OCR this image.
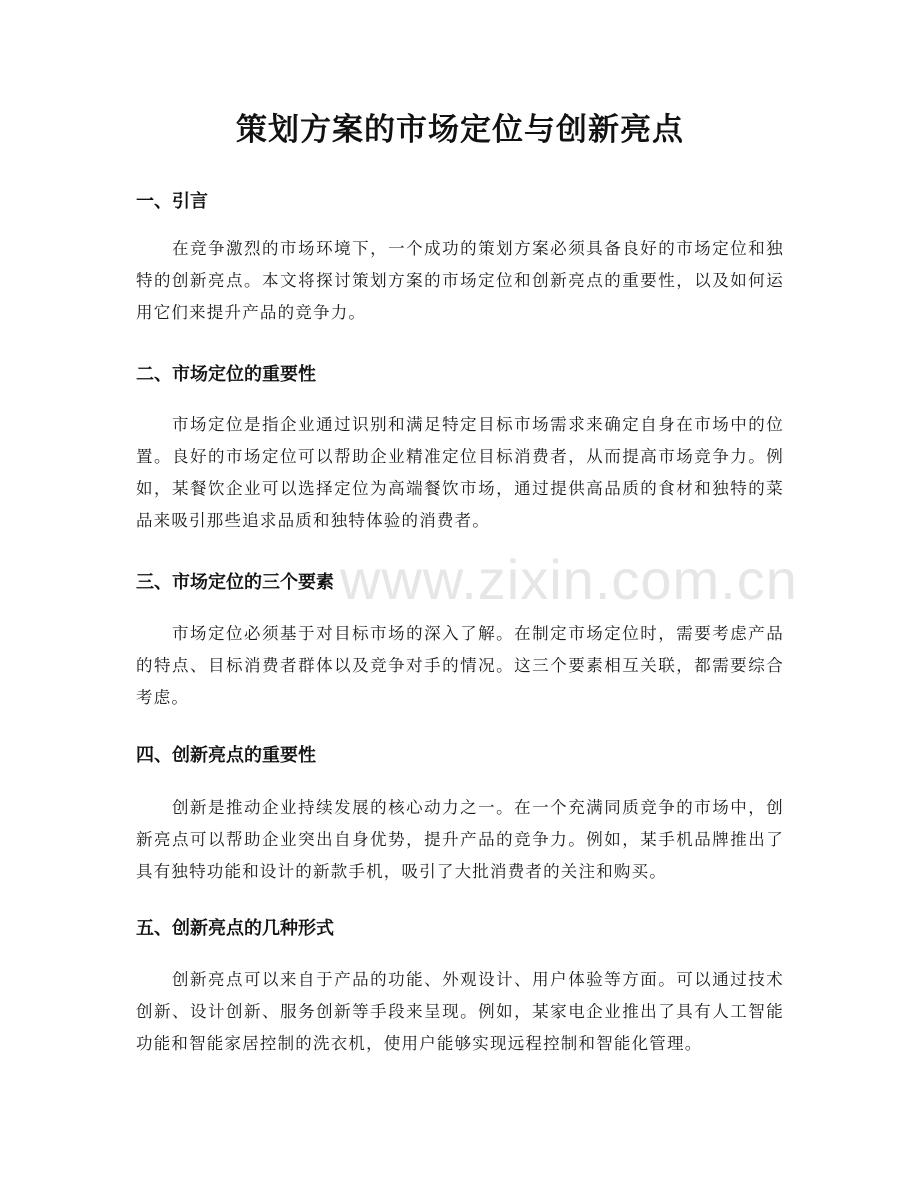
www.zixin.com.cn
策划方案的市场定位与创新亮点
一、引言

在竞争激烈的市场环境下，一个成功的策划方案必须具备良好的市场定位和独特的创新亮点。本文将探讨策划方案的市场定位和创新亮点的重要性，以及如何运用它们来提升产品的竞争力。

二、市场定位的重要性

市场定位是指企业通过识别和满足特定目标市场需求来确定自身在市场中的位置。良好的市场定位可以帮助企业精准定位目标消费者，从而提高市场竞争力。例如，某餐饮企业可以选择定位为高端餐饮市场，通过提供高品质的食材和独特的菜品来吸引那些追求品质和独特体验的消费者。

三、市场定位的三个要素

市场定位必须基于对目标市场的深入了解。在制定市场定位时，需要考虑产品的特点、目标消费者群体以及竞争对手的情况。这三个要素相互关联，都需要综合考虑。

四、创新亮点的重要性

创新是推动企业持续发展的核心动力之一。在一个充满同质竞争的市场中，创新亮点可以帮助企业突出自身优势，提升产品的竞争力。例如，某手机品牌推出了具有独特功能和设计的新款手机，吸引了大批消费者的关注和购买。

五、创新亮点的几种形式

创新亮点可以来自于产品的功能、外观设计、用户体验等方面。可以通过技术创新、设计创新、服务创新等手段来呈现。例如，某家电企业推出了具有人工智能功能和智能家居控制的洗衣机，使用户能够实现远程控制和智能化管理。
